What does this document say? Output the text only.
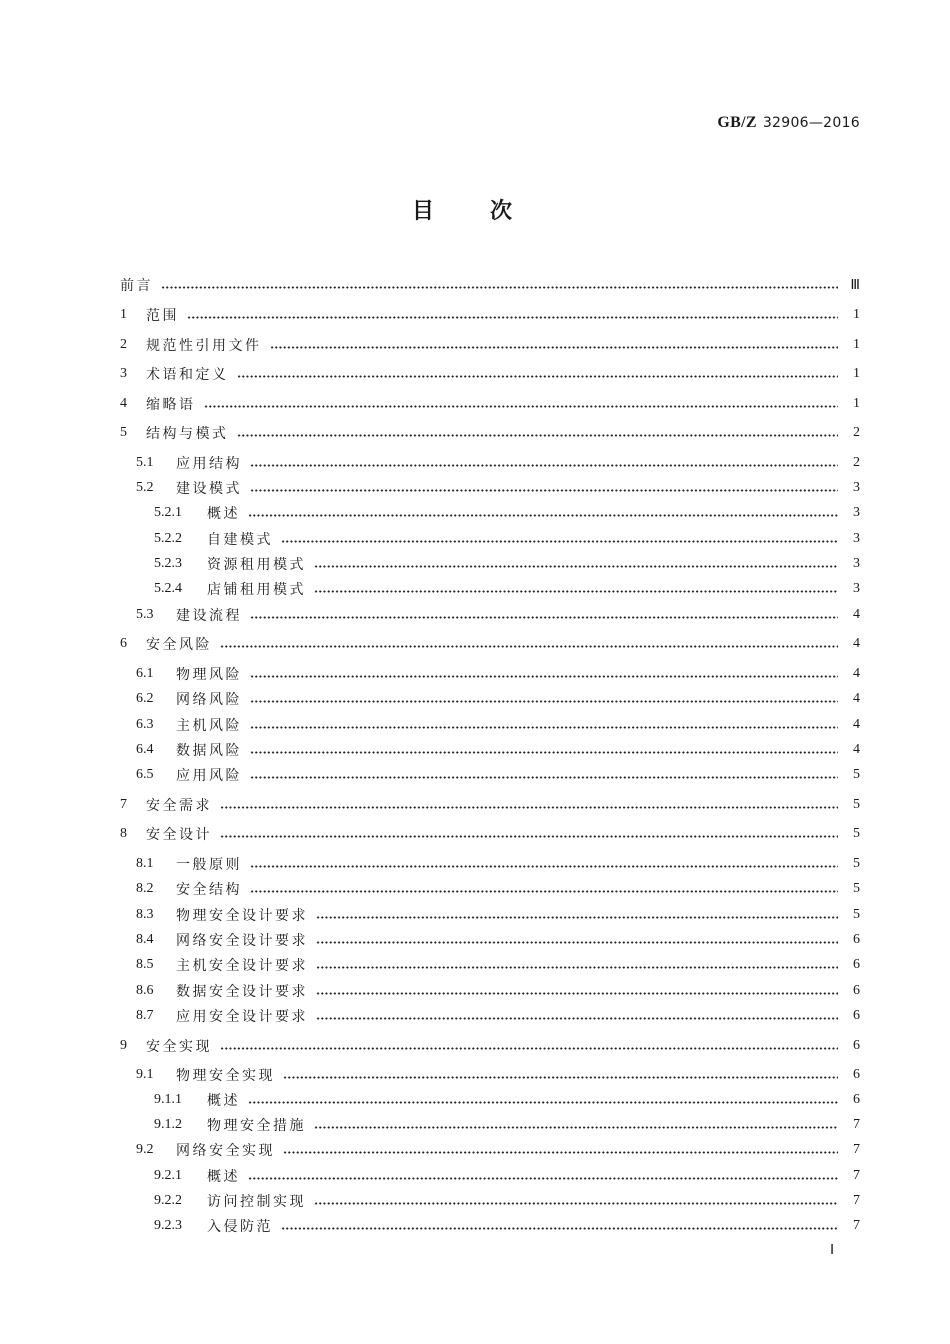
GB/Z 32906—2016
目次
前言	Ⅲ
1	范围	1
2	规范性引用文件	1
3	术语和定义	1
4	缩略语	1
5	结构与模式	2
5.1	应用结构	2
5.2	建设模式	3
5.2.1	概述	3
5.2.2	自建模式	3
5.2.3	资源租用模式	3
5.2.4	店铺租用模式	3
5.3	建设流程	4
6	安全风险	4
6.1	物理风险	4
6.2	网络风险	4
6.3	主机风险	4
6.4	数据风险	4
6.5	应用风险	5
7	安全需求	5
8	安全设计	5
8.1	一般原则	5
8.2	安全结构	5
8.3	物理安全设计要求	5
8.4	网络安全设计要求	6
8.5	主机安全设计要求	6
8.6	数据安全设计要求	6
8.7	应用安全设计要求	6
9	安全实现	6
9.1	物理安全实现	6
9.1.1	概述	6
9.1.2	物理安全措施	7
9.2	网络安全实现	7
9.2.1	概述	7
9.2.2	访问控制实现	7
9.2.3	入侵防范	7
Ⅰ
